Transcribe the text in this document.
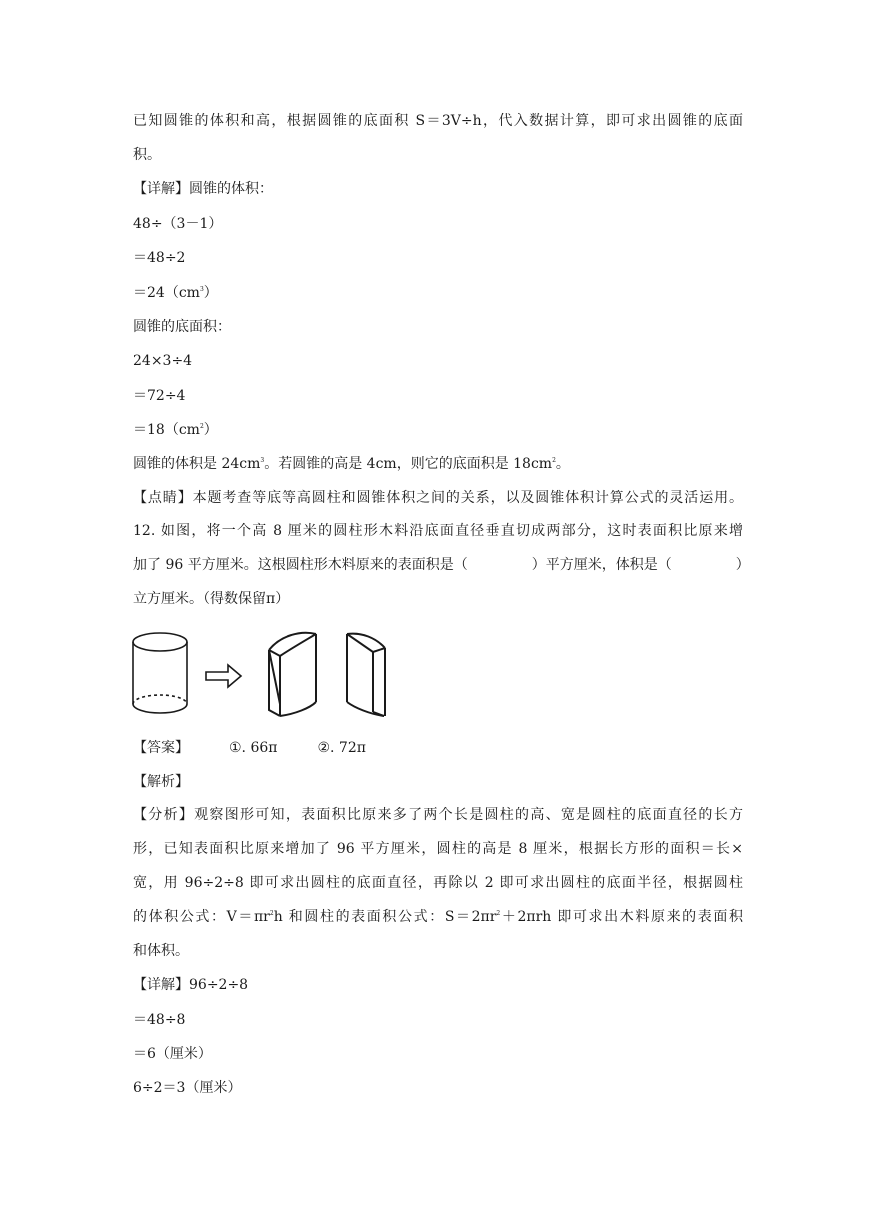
已知圆锥的体积和高，根据圆锥的底面积 S＝3V÷h，代入数据计算，即可求出圆锥的底面
积。
【详解】圆锥的体积：
48÷（3－1）
＝48÷2
$=24(cm^3)$
圆锥的底面积：
24×3÷4
＝72÷4
$=18(cm^2)$
圆锥的体积是 $24cm^3$。若圆锥的高是 4cm，则它的底面积是 $18cm^2$。
【点睛】本题考查等底等高圆柱和圆锥体积之间的关系，以及圆锥体积计算公式的灵活运用。
12. 如图，将一个高 8 厘米的圆柱形木料沿底面直径垂直切成两部分，这时表面积比原来增
加了 96 平方厘米。这根圆柱形木料原来的表面积是（	）平方厘米，体积是（	）
立方厘米。（得数保留π）
【答案】	①. 66π	②. 72π
【解析】
【分析】观察图形可知，表面积比原来多了两个长是圆柱的高、宽是圆柱的底面直径的长方
形，已知表面积比原来增加了 96 平方厘米，圆柱的高是 8 厘米，根据长方形的面积＝长×
宽，用 96÷2÷8 即可求出圆柱的底面直径，再除以 2 即可求出圆柱的底面半径，根据圆柱
的体积公式：$V=\pi r^2h$ 和圆柱的表面积公式：$S=2\pi r^2+2\pi rh$ 即可求出木料原来的表面积
和体积。
【详解】96÷2÷8
＝48÷8
＝6（厘米）
6÷2＝3（厘米）
